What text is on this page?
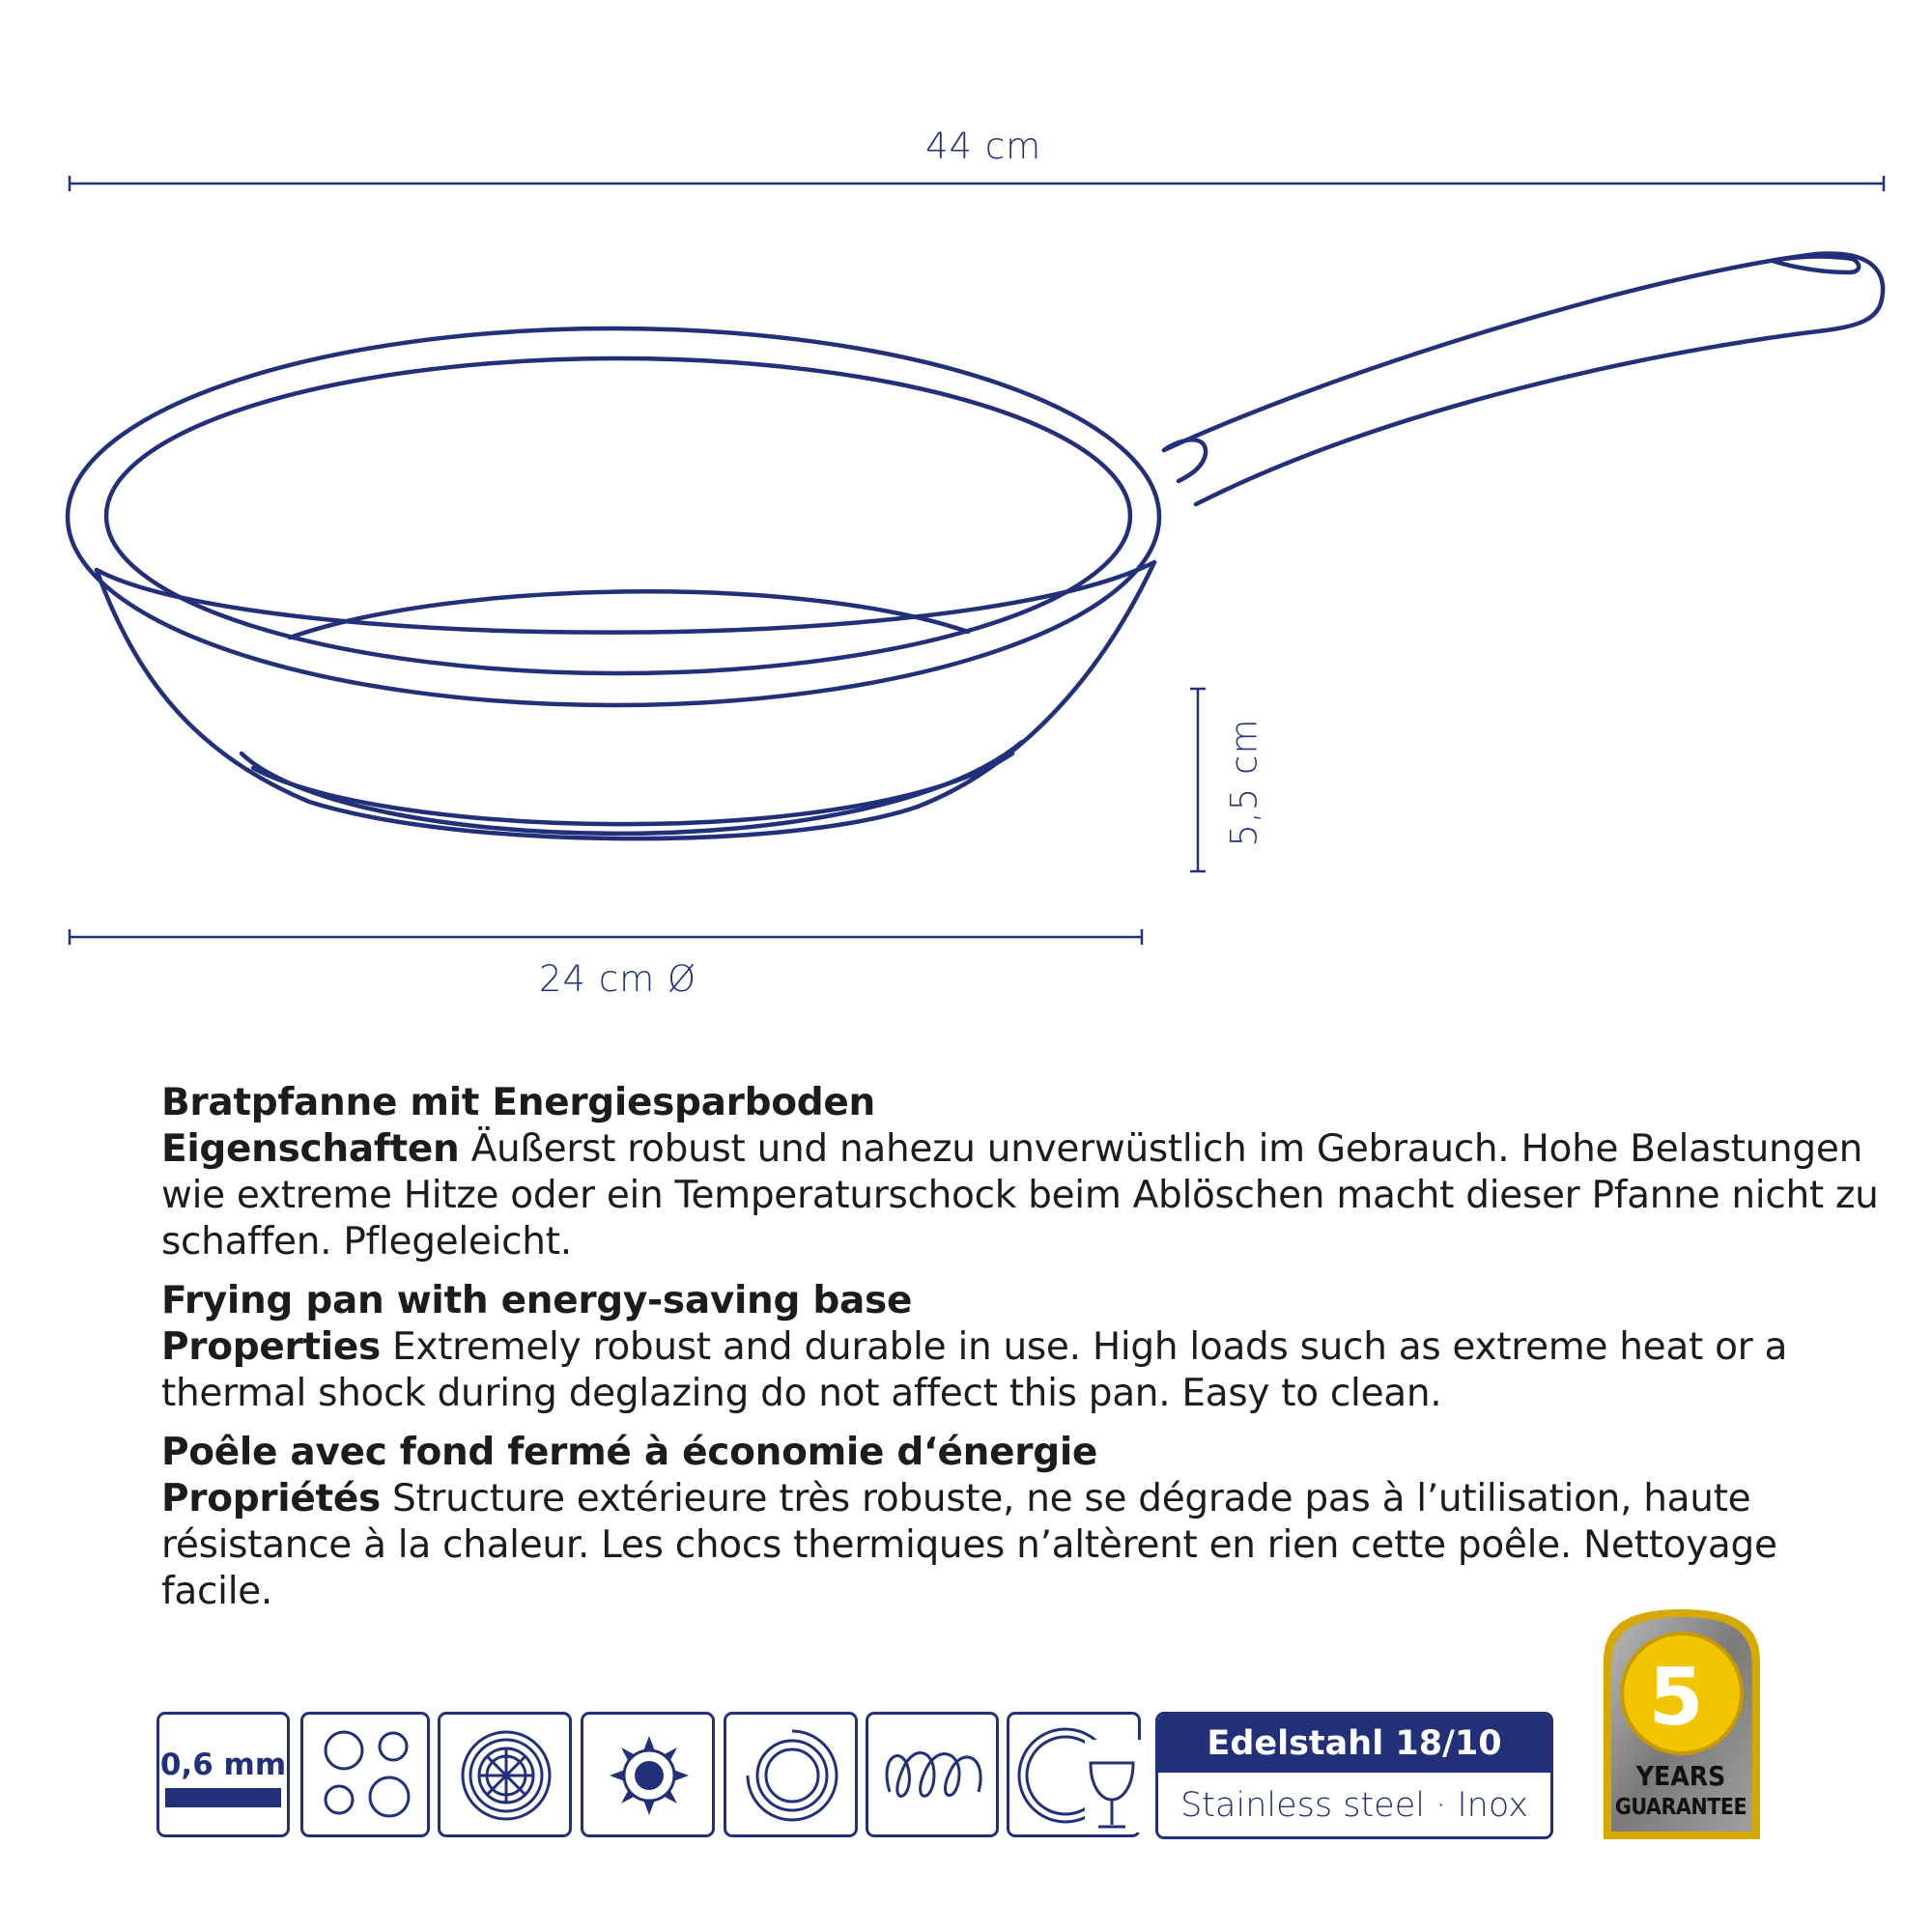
44 cm
5,5 cm
24 cm Ø
Bratpfanne mit Energiesparboden
Eigenschaften Äußerst robust und nahezu unverwüstlich im Gebrauch. Hohe Belastungen wie extreme Hitze oder ein Temperaturschock beim Ablöschen macht dieser Pfanne nicht zu schaffen. Pflegeleicht.
Frying pan with energy-saving base
Properties Extremely robust and durable in use. High loads such as extreme heat or a thermal shock during deglazing do not affect this pan. Easy to clean.
Poêle avec fond fermé à économie d‘énergie
Propriétés Structure extérieure très robuste, ne se dégrade pas à l’utilisation, haute résistance à la chaleur. Les chocs thermiques n’altèrent en rien cette poêle. Nettoyage facile.
0,6 mm
Edelstahl 18/10
Stainless steel · Inox
5
YEARS
GUARANTEE
